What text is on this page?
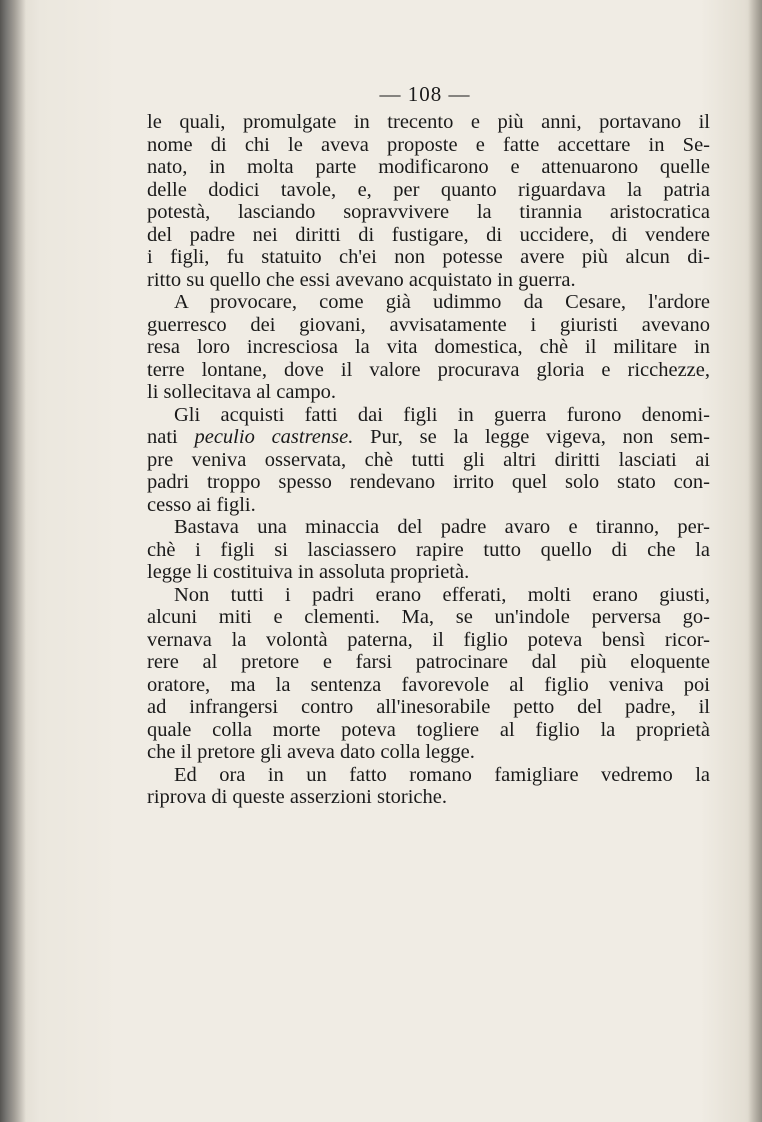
— 108 —
le quali, promulgate in trecento e più anni, portavano il
nome di chi le aveva proposte e fatte accettare in Se-
nato, in molta parte modificarono e attenuarono quelle
delle dodici tavole, e, per quanto riguardava la patria
potestà, lasciando sopravvivere la tirannia aristocratica
del padre nei diritti di fustigare, di uccidere, di vendere
i figli, fu statuito ch'ei non potesse avere più alcun di-
ritto su quello che essi avevano acquistato in guerra.
A provocare, come già udimmo da Cesare, l'ardore
guerresco dei giovani, avvisatamente i giuristi avevano
resa loro incresciosa la vita domestica, chè il militare in
terre lontane, dove il valore procurava gloria e ricchezze,
li sollecitava al campo.
Gli acquisti fatti dai figli in guerra furono denomi-
nati peculio castrense. Pur, se la legge vigeva, non sem-
pre veniva osservata, chè tutti gli altri diritti lasciati ai
padri troppo spesso rendevano irrito quel solo stato con-
cesso ai figli.
Bastava una minaccia del padre avaro e tiranno, per-
chè i figli si lasciassero rapire tutto quello di che la
legge li costituiva in assoluta proprietà.
Non tutti i padri erano efferati, molti erano giusti,
alcuni miti e clementi. Ma, se un'indole perversa go-
vernava la volontà paterna, il figlio poteva bensì ricor-
rere al pretore e farsi patrocinare dal più eloquente
oratore, ma la sentenza favorevole al figlio veniva poi
ad infrangersi contro all'inesorabile petto del padre, il
quale colla morte poteva togliere al figlio la proprietà
che il pretore gli aveva dato colla legge.
Ed ora in un fatto romano famigliare vedremo la
riprova di queste asserzioni storiche.
